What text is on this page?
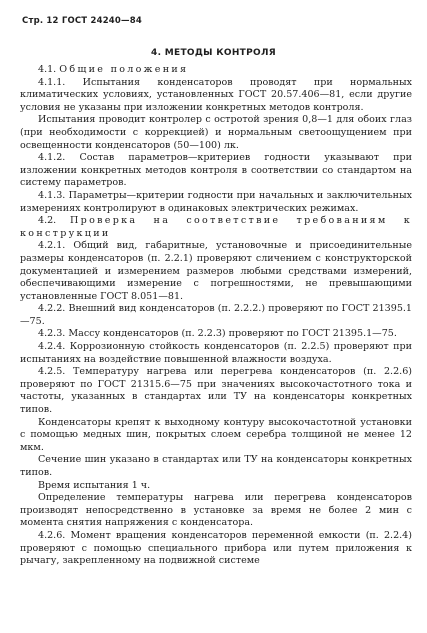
Стр. 12 ГОСТ 24240—84
4. МЕТОДЫ КОНТРОЛЯ

4.1. Общие положения

4.1.1. Испытания конденсаторов проводят при нормальных климатических условиях, установленных ГОСТ 20.57.406—81, если другие условия не указаны при изложении конкретных методов контроля.

Испытания проводит контролер с остротой зрения 0,8—1 для обоих глаз (при необходимости с коррекцией) и нормальным светоощущением при освещенности конденсаторов (50—100) лк.

4.1.2. Состав параметров—критериев годности указывают при изложении конкретных методов контроля в соответствии со стандартом на систему параметров.

4.1.3. Параметры—критерии годности при начальных и заключительных измерениях контролируют в одинаковых электрических режимах.

4.2. Проверка на соответствие требованиям к конструкции

4.2.1. Общий вид, габаритные, установочные и присоединительные размеры конденсаторов (п. 2.2.1) проверяют сличением с конструкторской документацией и измерением размеров любыми средствами измерений, обеспечивающими измерение с погрешностями, не превышающими установленные ГОСТ 8.051—81.

4.2.2. Внешний вид конденсаторов (п. 2.2.2.) проверяют по ГОСТ 21395.1—75.

4.2.3. Массу конденсаторов (п. 2.2.3) проверяют по ГОСТ 21395.1—75.

4.2.4. Коррозионную стойкость конденсаторов (п. 2.2.5) проверяют при испытаниях на воздействие повышенной влажности воздуха.

4.2.5. Температуру нагрева или перегрева конденсаторов (п. 2.2.6) проверяют по ГОСТ 21315.6—75 при значениях высокочастотного тока и частоты, указанных в стандартах или ТУ на конденсаторы конкретных типов.

Конденсаторы крепят к выходному контуру высокочастотной установки с помощью медных шин, покрытых слоем серебра толщиной не менее 12 мкм.

Сечение шин указано в стандартах или ТУ на конденсаторы конкретных типов.

Время испытания 1 ч.

Определение температуры нагрева или перегрева конденсаторов производят непосредственно в установке за время не более 2 мин с момента снятия напряжения с конденсатора.

4.2.6. Момент вращения конденсаторов переменной емкости (п. 2.2.4) проверяют с помощью специального прибора или путем приложения к рычагу, закрепленному на подвижной системе
